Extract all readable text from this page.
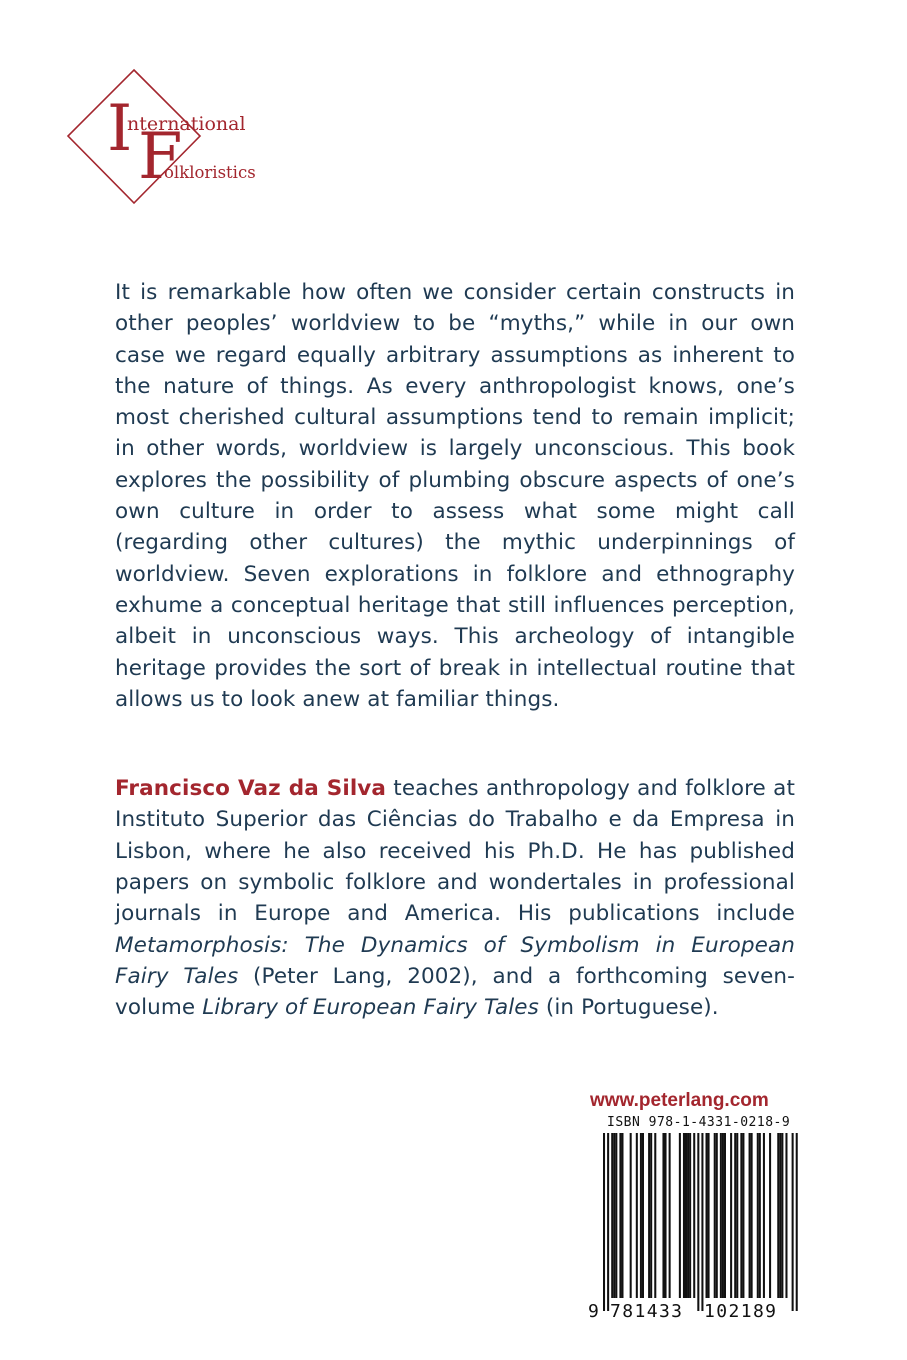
I
nternational
F
olkloristics

It is remarkable how often we consider certain constructs in other peoples’ worldview to be “myths,” while in our own case we regard equally arbitrary assumptions as inherent to the nature of things. As every anthropologist knows, one’s most cherished cultural assumptions tend to remain implicit; in other words, worldview is largely unconscious. This book explores the possibility of plumbing obscure aspects of one’s own culture in order to assess what some might call (regarding other cultures) the mythic underpinnings of worldview. Seven explorations in folklore and ethnography exhume a conceptual heritage that still influences perception, albeit in unconscious ways. This archeology of intangible heritage provides the sort of break in intellectual routine that allows us to look anew at familiar things.

Francisco Vaz da Silva teaches anthropology and folklore at Instituto Superior das Ciências do Trabalho e da Empresa in Lisbon, where he also received his Ph.D. He has published papers on symbolic folklore and wondertales in professional journals in Europe and America. His publications include Metamorphosis: The Dynamics of Symbolism in European Fairy Tales (Peter Lang, 2002), and a forthcoming seven-volume Library of European Fairy Tales (in Portuguese).

www.peterlang.com
ISBN 978-1-4331-0218-9
9 781433 102189
